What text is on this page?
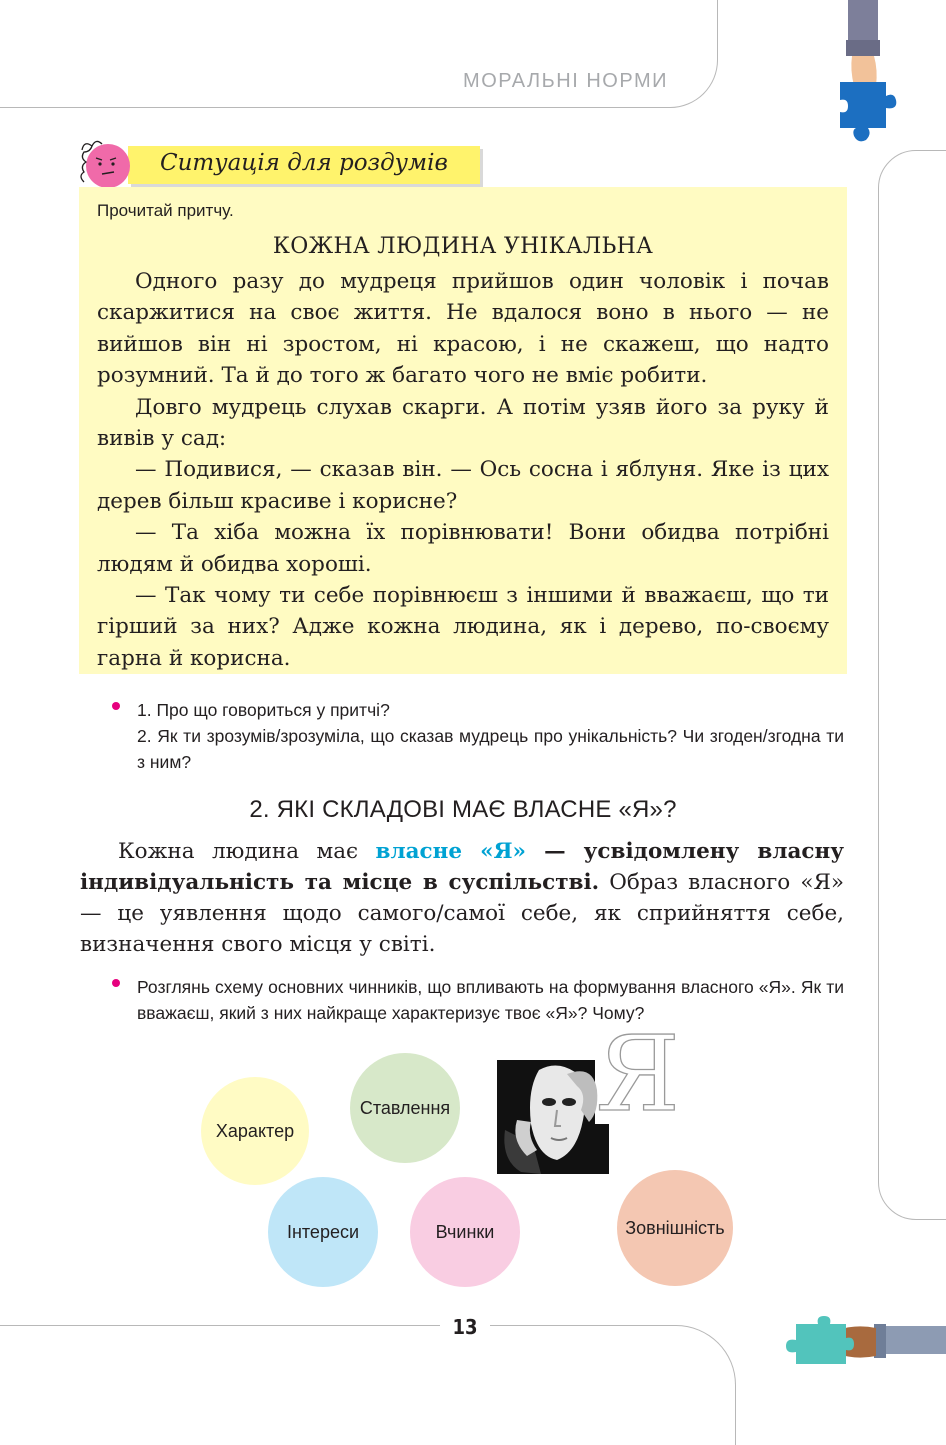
МОРАЛЬНІ НОРМИ
13
Ситуація для роздумів
Прочитай притчу.
КОЖНА ЛЮДИНА УНІКАЛЬНА

Одного разу до мудреця прийшов один чоловік і почав скаржитися на своє життя. Не вдалося воно в нього — не вийшов він ні зростом, ні красою, і не скажеш, що надто розумний. Та й до того ж багато чого не вміє робити.

Довго мудрець слухав скарги. А потім узяв його за руку й вивів у сад:

— Подивися, — сказав він. — Ось сосна і яблуня. Яке із цих дерев більш красиве і корисне?

— Та хіба можна їх порівнювати! Вони обидва потрібні людям й обидва хороші.

— Так чому ти себе порівнюєш з іншими й вважаєш, що ти гірший за них? Адже кожна людина, як і дерево, по-своєму гарна й корисна.

1. Про що говориться у притчі?

2. Як ти зрозумів/зрозуміла, що сказав мудрець про унікальність? Чи згоден/згодна ти з ним?

2. ЯКІ СКЛАДОВІ МАЄ ВЛАСНЕ «Я»?

Кожна людина має власне «Я» — усвідомлену власну індивідуальність та місце в суспільстві. Образ власного «Я» — це уявлення щодо самого/самої себе, як сприйняття себе, визначення свого місця у світі.

Розглянь схему основних чинників, що впливають на формування власного «Я». Як ти вважаєш, який з них найкраще характеризує твоє «Я»? Чому?

Характер
Ставлення
Інтереси	Вчинки	Зовнішність
Я
